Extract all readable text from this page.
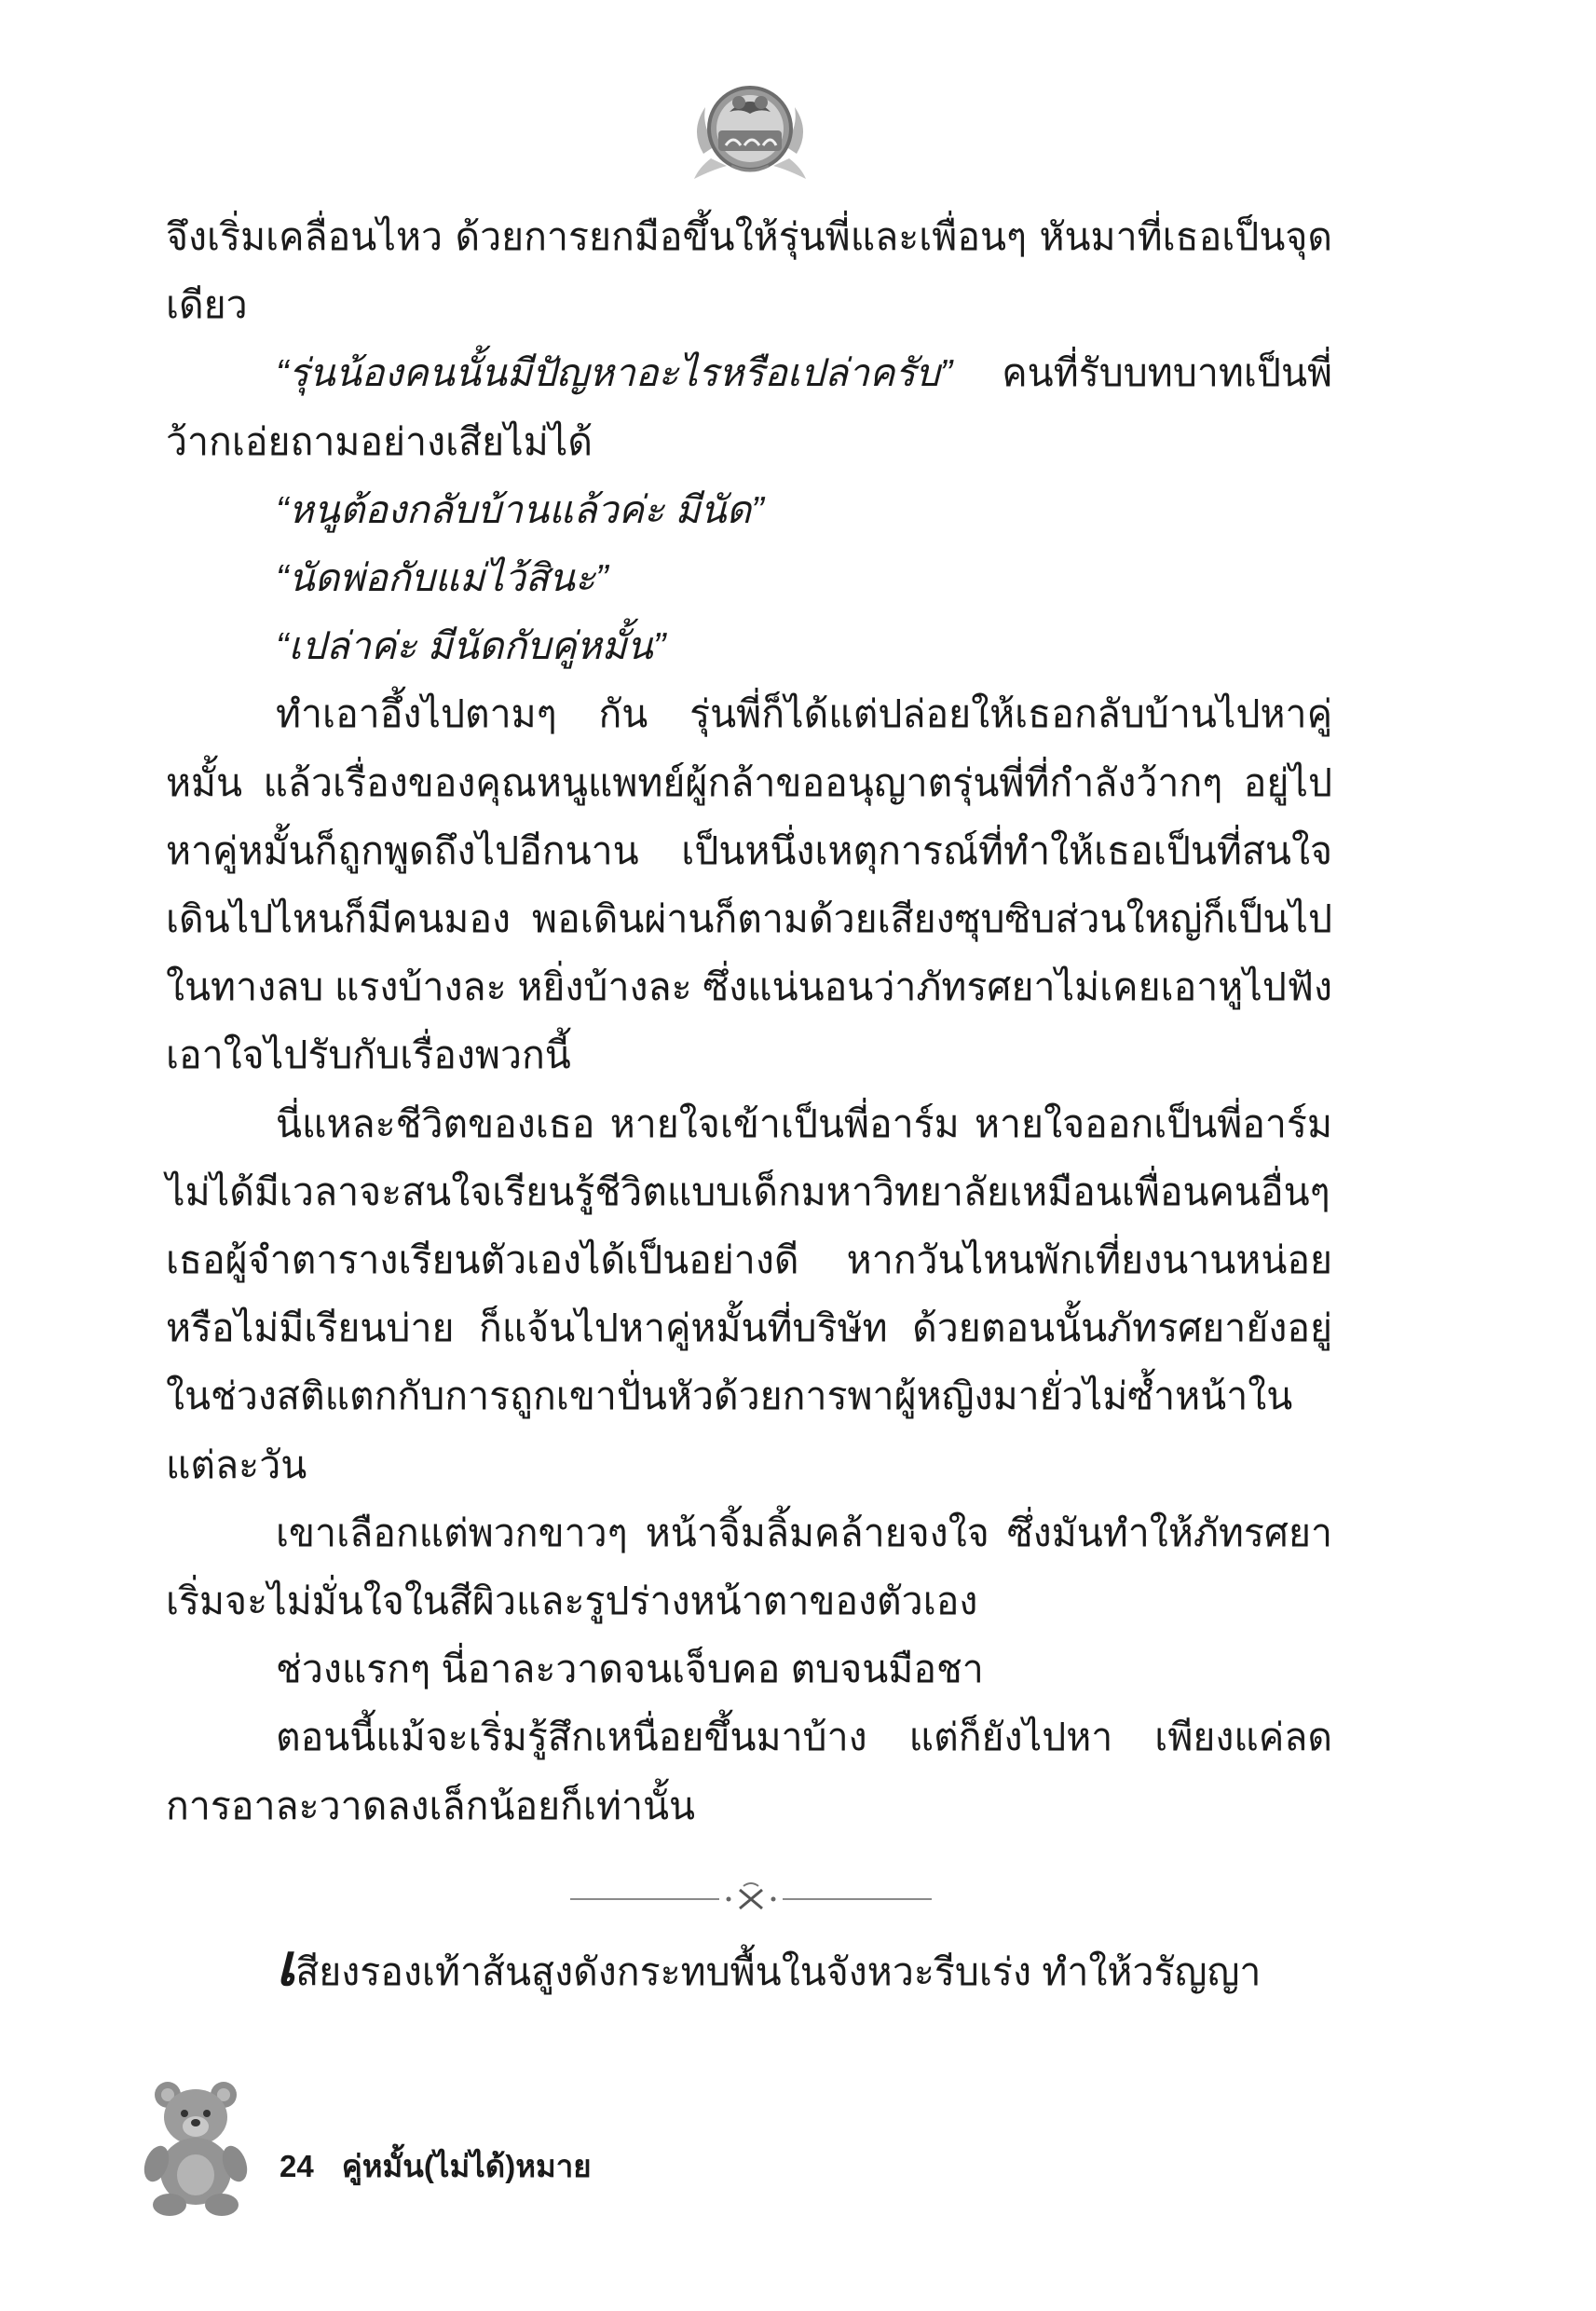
จึงเริ่มเคลื่อนไหว ด้วยการยกมือขึ้นให้รุ่นพี่และเพื่อนๆ หันมาที่เธอเป็นจุดเดียว

“รุ่นน้องคนนั้นมีปัญหาอะไรหรือเปล่าครับ” คนที่รับบทบาทเป็นพี่ว้ากเอ่ยถามอย่างเสียไม่ได้

“หนูต้องกลับบ้านแล้วค่ะ มีนัด”

“นัดพ่อกับแม่ไว้สินะ”

“เปล่าค่ะ มีนัดกับคู่หมั้น”

ทำเอาอึ้งไปตามๆ กัน รุ่นพี่ก็ได้แต่ปล่อยให้เธอกลับบ้านไปหาคู่หมั้น แล้วเรื่องของคุณหนูแพทย์ผู้กล้าขออนุญาตรุ่นพี่ที่กำลังว้ากๆ อยู่ไปหาคู่หมั้นก็ถูกพูดถึงไปอีกนาน เป็นหนึ่งเหตุการณ์ที่ทำให้เธอเป็นที่สนใจ เดินไปไหนก็มีคนมอง พอเดินผ่านก็ตามด้วยเสียงซุบซิบส่วนใหญ่ก็เป็นไปในทางลบ แรงบ้างละ หยิ่งบ้างละ ซึ่งแน่นอนว่าภัทรศยาไม่เคยเอาหูไปฟังเอาใจไปรับกับเรื่องพวกนี้

นี่แหละชีวิตของเธอ หายใจเข้าเป็นพี่อาร์ม หายใจออกเป็นพี่อาร์มไม่ได้มีเวลาจะสนใจเรียนรู้ชีวิตแบบเด็กมหาวิทยาลัยเหมือนเพื่อนคนอื่นๆ เธอผู้จำตารางเรียนตัวเองได้เป็นอย่างดี หากวันไหนพักเที่ยงนานหน่อย หรือไม่มีเรียนบ่าย ก็แจ้นไปหาคู่หมั้นที่บริษัท ด้วยตอนนั้นภัทรศยายังอยู่ในช่วงสติแตกกับการถูกเขาปั่นหัวด้วยการพาผู้หญิงมายั่วไม่ซ้ำหน้าในแต่ละวัน

เขาเลือกแต่พวกขาวๆ หน้าจิ้มลิ้มคล้ายจงใจ ซึ่งมันทำให้ภัทรศยาเริ่มจะไม่มั่นใจในสีผิวและรูปร่างหน้าตาของตัวเอง

ช่วงแรกๆ นี่อาละวาดจนเจ็บคอ ตบจนมือชา

ตอนนี้แม้จะเริ่มรู้สึกเหนื่อยขึ้นมาบ้าง แต่ก็ยังไปหา เพียงแค่ลดการอาละวาดลงเล็กน้อยก็เท่านั้น

เสียงรองเท้าส้นสูงดังกระทบพื้นในจังหวะรีบเร่ง ทำให้วรัญญา
24 คู่หมั้น(ไม่ได้)หมาย
